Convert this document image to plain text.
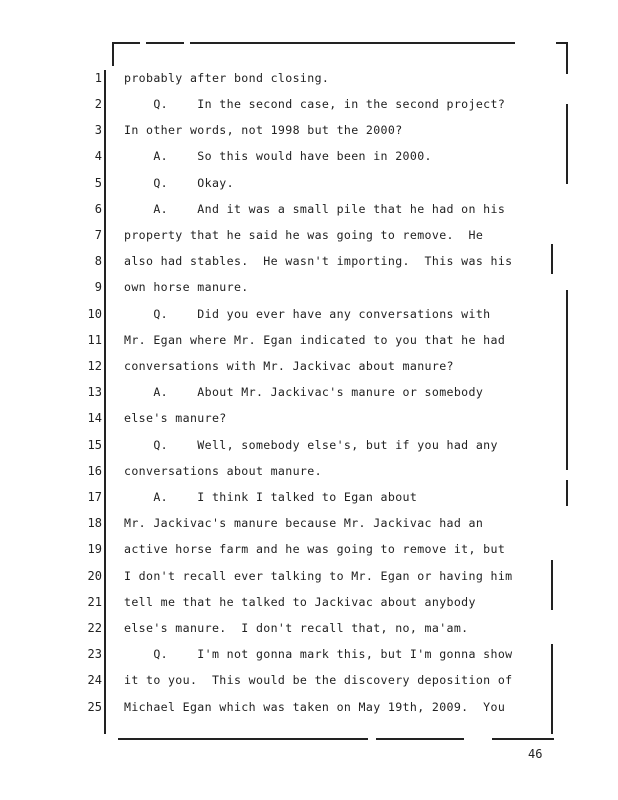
1 probably after bond closing.
2 Q.    In the second case, in the second project?
3 In other words, not 1998 but the 2000?
4 A.    So this would have been in 2000.
5 Q.    Okay.
6 A.    And it was a small pile that he had on his
7 property that he said he was going to remove.  He
8 also had stables.  He wasn't importing.  This was his
9 own horse manure.
10 Q.    Did you ever have any conversations with
11 Mr. Egan where Mr. Egan indicated to you that he had
12 conversations with Mr. Jackivac about manure?
13 A.    About Mr. Jackivac's manure or somebody
14 else's manure?
15 Q.    Well, somebody else's, but if you had any
16 conversations about manure.
17 A.    I think I talked to Egan about
18 Mr. Jackivac's manure because Mr. Jackivac had an
19 active horse farm and he was going to remove it, but
20 I don't recall ever talking to Mr. Egan or having him
21 tell me that he talked to Jackivac about anybody
22 else's manure.  I don't recall that, no, ma'am.
23 Q.    I'm not gonna mark this, but I'm gonna show
24 it to you.  This would be the discovery deposition of
25 Michael Egan which was taken on May 19th, 2009.  You
46
